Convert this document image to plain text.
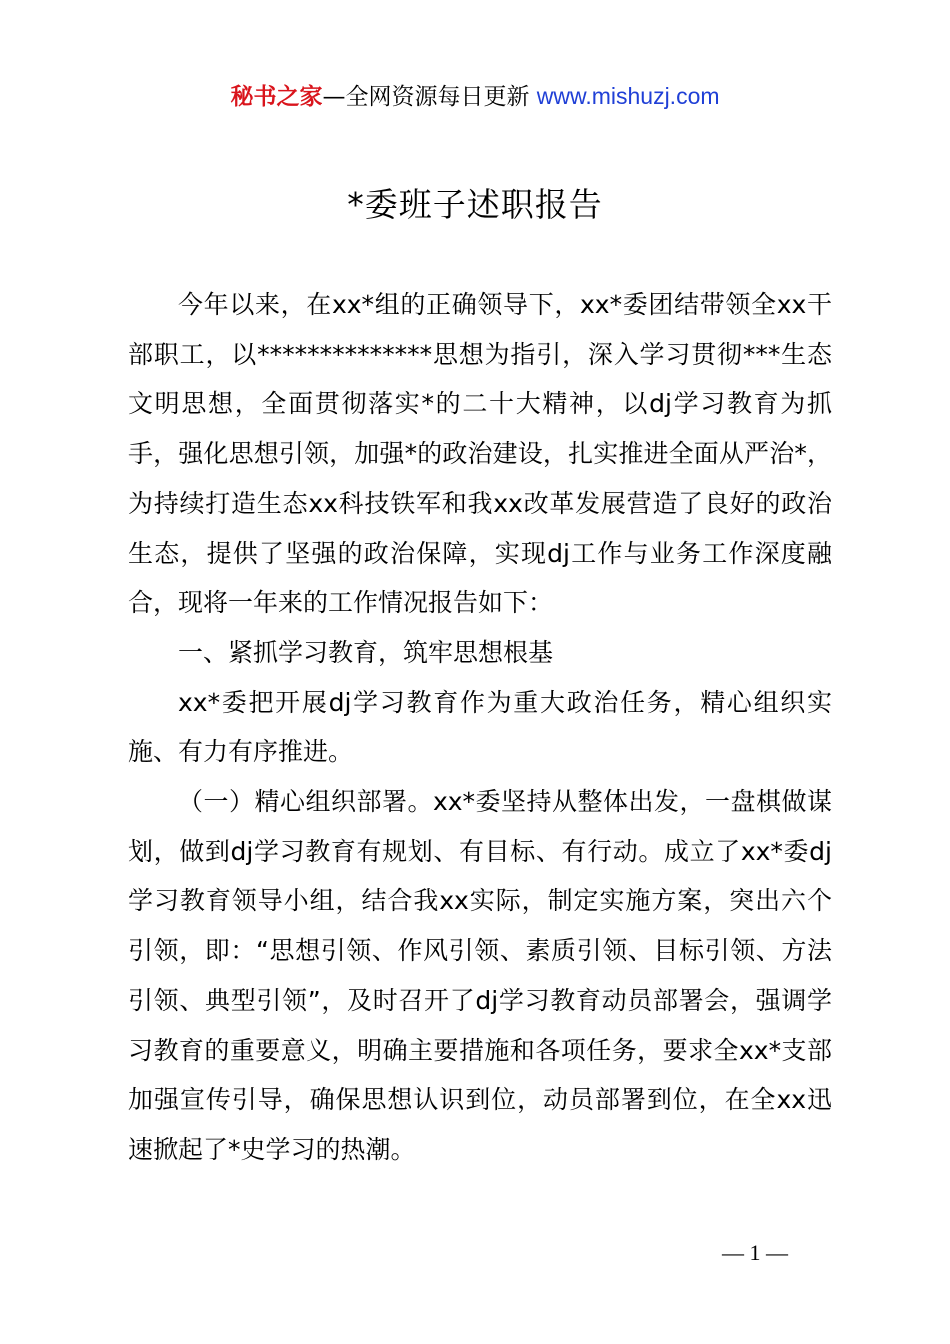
秘书之家—全网资源每日更新 www.mishuzj.com
*委班子述职报告

今年以来，在xx*组的正确领导下，xx*委团结带领全xx干部职工，以**************思想为指引，深入学习贯彻***生态文明思想，全面贯彻落实*的二十大精神，以dj学习教育为抓手，强化思想引领，加强*的政治建设，扎实推进全面从严治*，为持续打造生态xx科技铁军和我xx改革发展营造了良好的政治生态，提供了坚强的政治保障，实现dj工作与业务工作深度融合，现将一年来的工作情况报告如下：

一、紧抓学习教育，筑牢思想根基

xx*委把开展dj学习教育作为重大政治任务，精心组织实施、有力有序推进。

（一）精心组织部署。xx*委坚持从整体出发，一盘棋做谋划，做到dj学习教育有规划、有目标、有行动。成立了xx*委dj学习教育领导小组，结合我xx实际，制定实施方案，突出六个引领，即：“思想引领、作风引领、素质引领、目标引领、方法引领、典型引领”，及时召开了dj学习教育动员部署会，强调学习教育的重要意义，明确主要措施和各项任务，要求全xx*支部加强宣传引导，确保思想认识到位，动员部署到位，在全xx迅速掀起了*史学习的热潮。

— 1 —
